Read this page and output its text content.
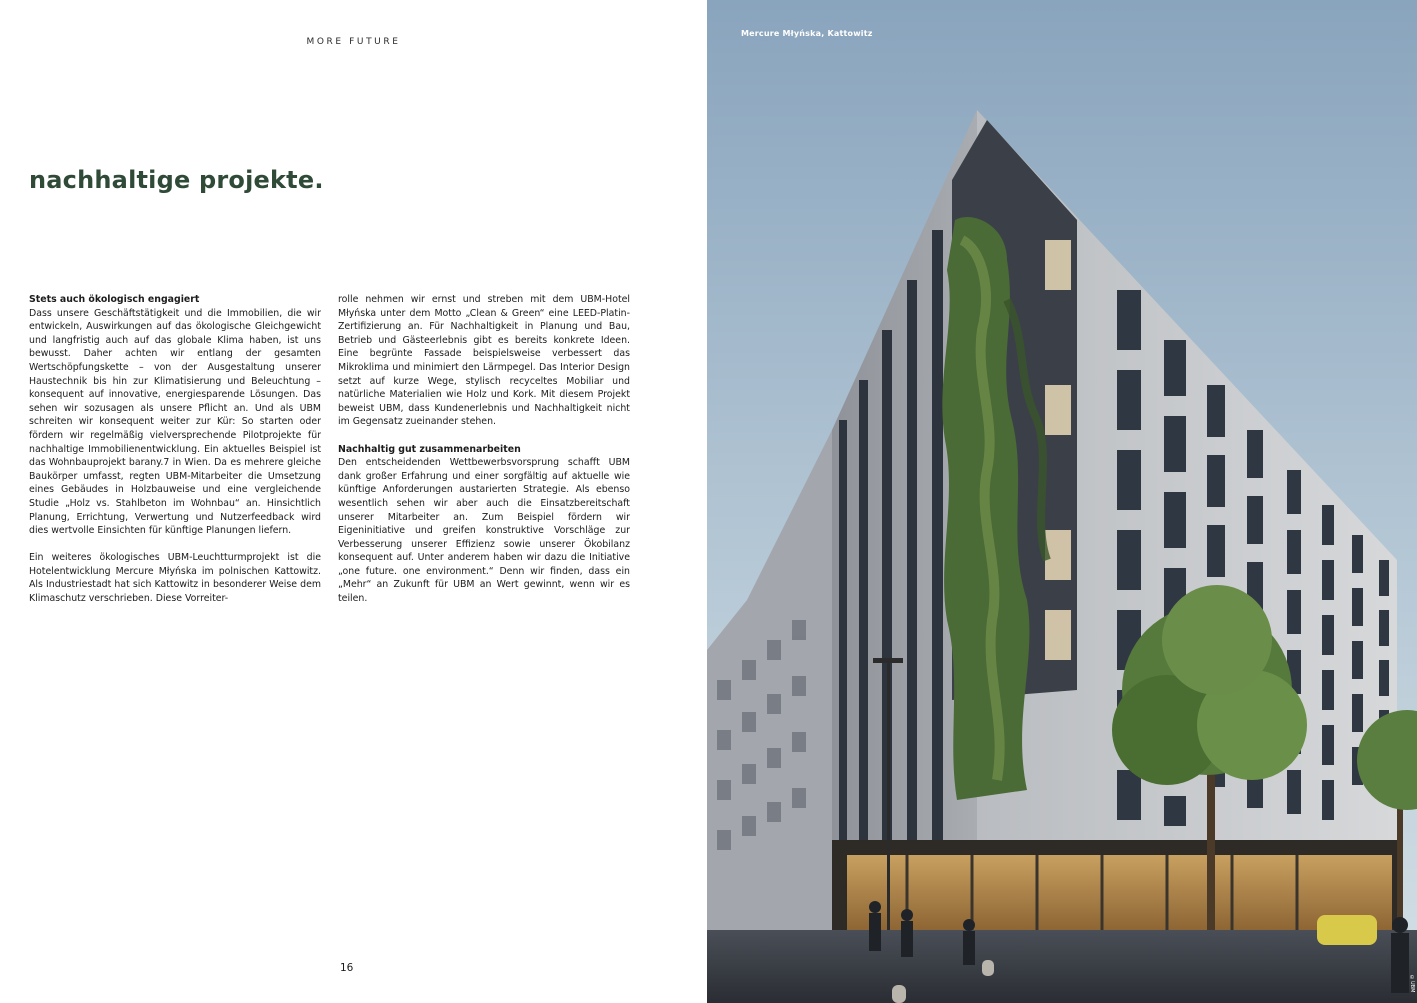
MORE FUTURE
nachhaltige projekte.
Stets auch ökologisch engagiert

Dass unsere Geschäftstätigkeit und die Immobilien, die wir entwickeln, Auswirkungen auf das ökologische Gleichgewicht und langfristig auch auf das globale Klima haben, ist uns bewusst. Daher achten wir entlang der gesamten Wertschöpfungskette – von der Ausgestaltung unserer Haustechnik bis hin zur Klimatisierung und Beleuchtung – konsequent auf innovative, energiesparende Lösungen. Das sehen wir sozusagen als unsere Pflicht an. Und als UBM schreiten wir konsequent weiter zur Kür: So starten oder fördern wir regelmäßig vielversprechende Pilotprojekte für nachhaltige Immobilienentwicklung. Ein aktuelles Beispiel ist das Wohnbauprojekt barany.7 in Wien. Da es mehrere gleiche Baukörper umfasst, regten UBM-Mitarbeiter die Umsetzung eines Gebäudes in Holzbauweise und eine vergleichende Studie „Holz vs. Stahlbeton im Wohnbau“ an. Hinsichtlich Planung, Errichtung, Verwertung und Nutzerfeedback wird dies wertvolle Einsichten für künftige Planungen liefern.

Ein weiteres ökologisches UBM-Leuchtturmprojekt ist die Hotelentwicklung Mercure Młyńska im polnischen Kattowitz. Als Industriestadt hat sich Kattowitz in besonderer Weise dem Klimaschutz verschrieben. Diese Vorreiter-

rolle nehmen wir ernst und streben mit dem UBM-Hotel Młyńska unter dem Motto „Clean & Green“ eine LEED-Platin-Zertifizierung an. Für Nachhaltigkeit in Planung und Bau, Betrieb und Gästeerlebnis gibt es bereits konkrete Ideen. Eine begrünte Fassade beispielsweise verbessert das Mikroklima und minimiert den Lärmpegel. Das Interior Design setzt auf kurze Wege, stylisch recyceltes Mobiliar und natürliche Materialien wie Holz und Kork. Mit diesem Projekt beweist UBM, dass Kundenerlebnis und Nachhaltigkeit nicht im Gegensatz zueinander stehen.

Nachhaltig gut zusammenarbeiten

Den entscheidenden Wettbewerbsvorsprung schafft UBM dank großer Erfahrung und einer sorgfältig auf aktuelle wie künftige Anforderungen austarierten Strategie. Als ebenso wesentlich sehen wir aber auch die Einsatzbereitschaft unserer Mitarbeiter an. Zum Beispiel fördern wir Eigeninitiative und greifen konstruktive Vorschläge zur Verbesserung unserer Effizienz sowie unserer Ökobilanz konsequent auf. Unter anderem haben wir dazu die Initiative „one future. one environment.“ Denn wir finden, dass ein „Mehr“ an Zukunft für UBM an Wert gewinnt, wenn wir es teilen.

16
Mercure Młyńska, Kattowitz
©UBM
